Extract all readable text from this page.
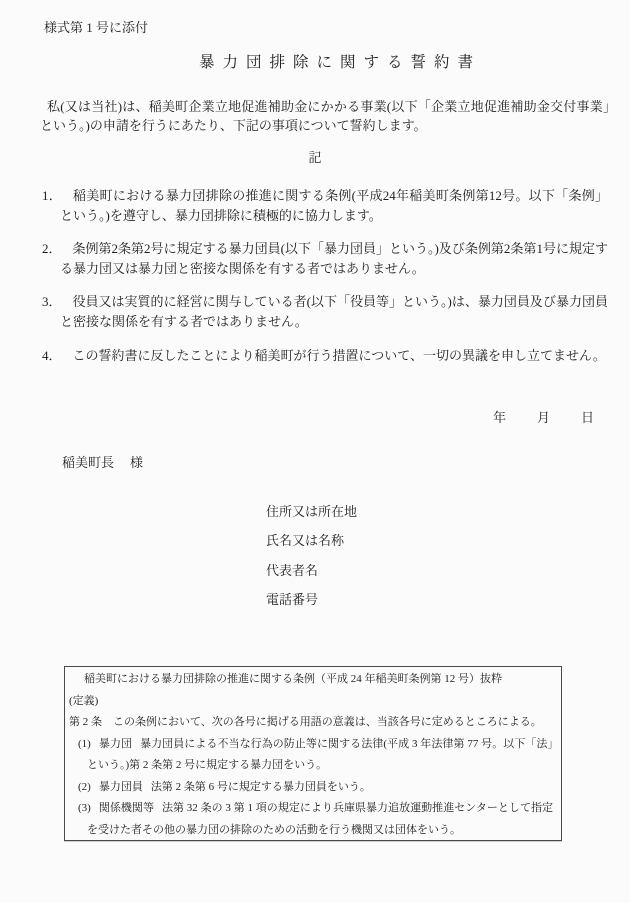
様式第 1 号に添付
暴力団排除に関する誓約書

私(又は当社)は、稲美町企業立地促進補助金にかかる事業(以下「企業立地促進補助金交付事業」という。)の申請を行うにあたり、下記の事項について誓約します。

記
1． 稲美町における暴力団排除の推進に関する条例(平成24年稲美町条例第12号。以下「条例」という。)を遵守し、暴力団排除に積極的に協力します。
2． 条例第2条第2号に規定する暴力団員(以下「暴力団員」という。)及び条例第2条第1号に規定する暴力団又は暴力団と密接な関係を有する者ではありません。
3． 役員又は実質的に経営に関与している者(以下「役員等」という。)は、暴力団員及び暴力団員と密接な関係を有する者ではありません。
4． この誓約書に反したことにより稲美町が行う措置について、一切の異議を申し立てません。
年 月 日
稲美町長 様
住所又は所在地
氏名又は名称
代表者名
電話番号
稲美町における暴力団排除の推進に関する条例（平成 24 年稲美町条例第 12 号）抜粋
(定義)
第 2 条　この条例において、次の各号に掲げる用語の意義は、当該各号に定めるところによる。
(1) 暴力団 暴力団員による不当な行為の防止等に関する法律(平成 3 年法律第 77 号。以下「法」という。)第 2 条第 2 号に規定する暴力団をいう。
(2) 暴力団員 法第 2 条第 6 号に規定する暴力団員をいう。
(3) 関係機関等 法第 32 条の 3 第 1 項の規定により兵庫県暴力追放運動推進センターとして指定を受けた者その他の暴力団の排除のための活動を行う機関又は団体をいう。
